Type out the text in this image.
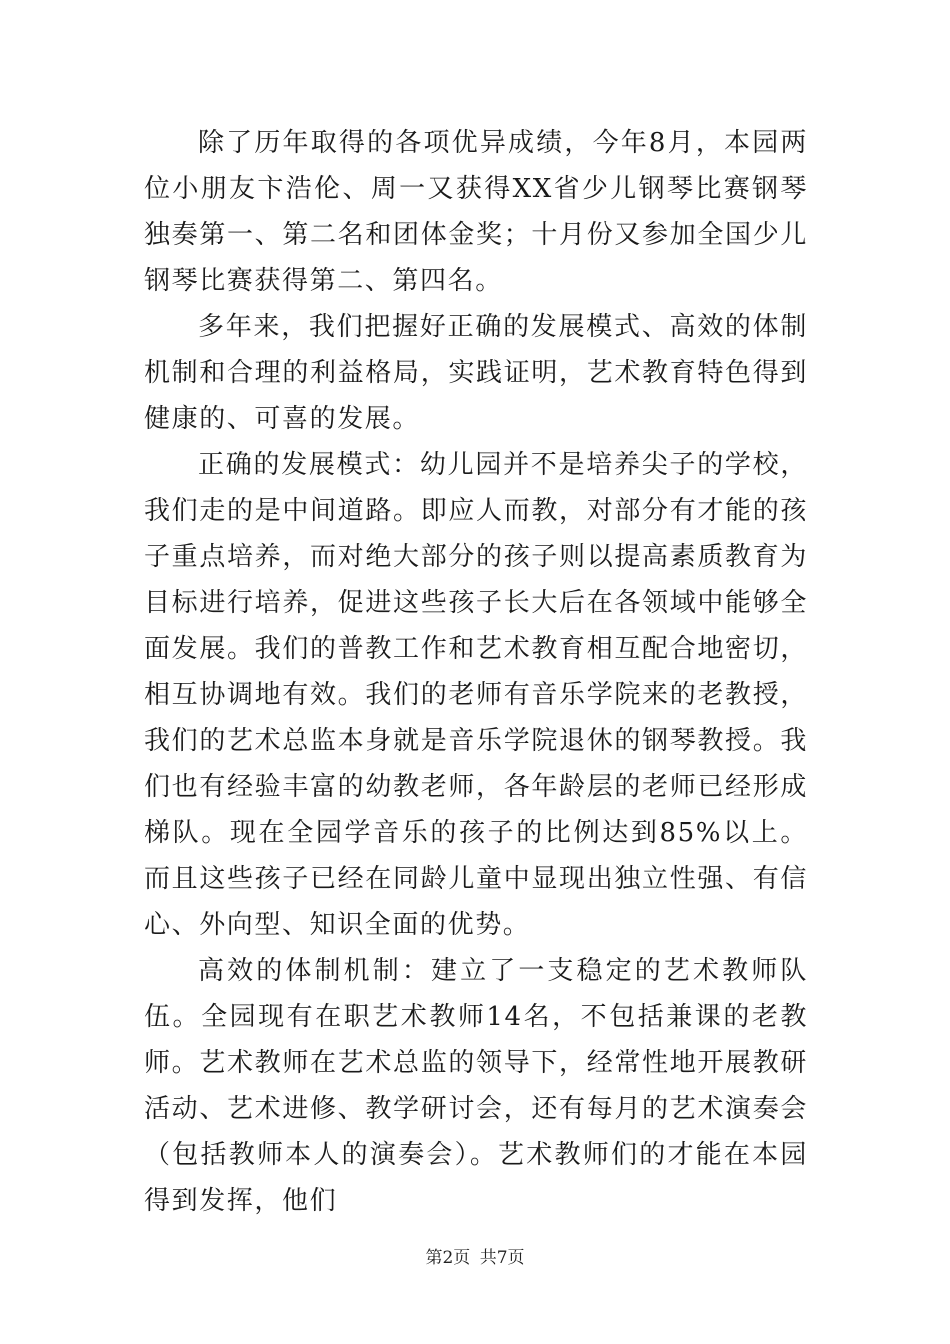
除了历年取得的各项优异成绩，今年8月，本园两位小朋友卞浩伦、周一又获得XX省少儿钢琴比赛钢琴独奏第一、第二名和团体金奖；十月份又参加全国少儿钢琴比赛获得第二、第四名。

多年来，我们把握好正确的发展模式、高效的体制机制和合理的利益格局，实践证明，艺术教育特色得到健康的、可喜的发展。

正确的发展模式：幼儿园并不是培养尖子的学校，我们走的是中间道路。即应人而教，对部分有才能的孩子重点培养，而对绝大部分的孩子则以提高素质教育为目标进行培养，促进这些孩子长大后在各领域中能够全面发展。我们的普教工作和艺术教育相互配合地密切，相互协调地有效。我们的老师有音乐学院来的老教授，我们的艺术总监本身就是音乐学院退休的钢琴教授。我们也有经验丰富的幼教老师，各年龄层的老师已经形成梯队。现在全园学音乐的孩子的比例达到85%以上。而且这些孩子已经在同龄儿童中显现出独立性强、有信心、外向型、知识全面的优势。

高效的体制机制：建立了一支稳定的艺术教师队伍。全园现有在职艺术教师14名，不包括兼课的老教师。艺术教师在艺术总监的领导下，经常性地开展教研活动、艺术进修、教学研讨会，还有每月的艺术演奏会（包括教师本人的演奏会）。艺术教师们的才能在本园得到发挥，他们

第2页 共7页
